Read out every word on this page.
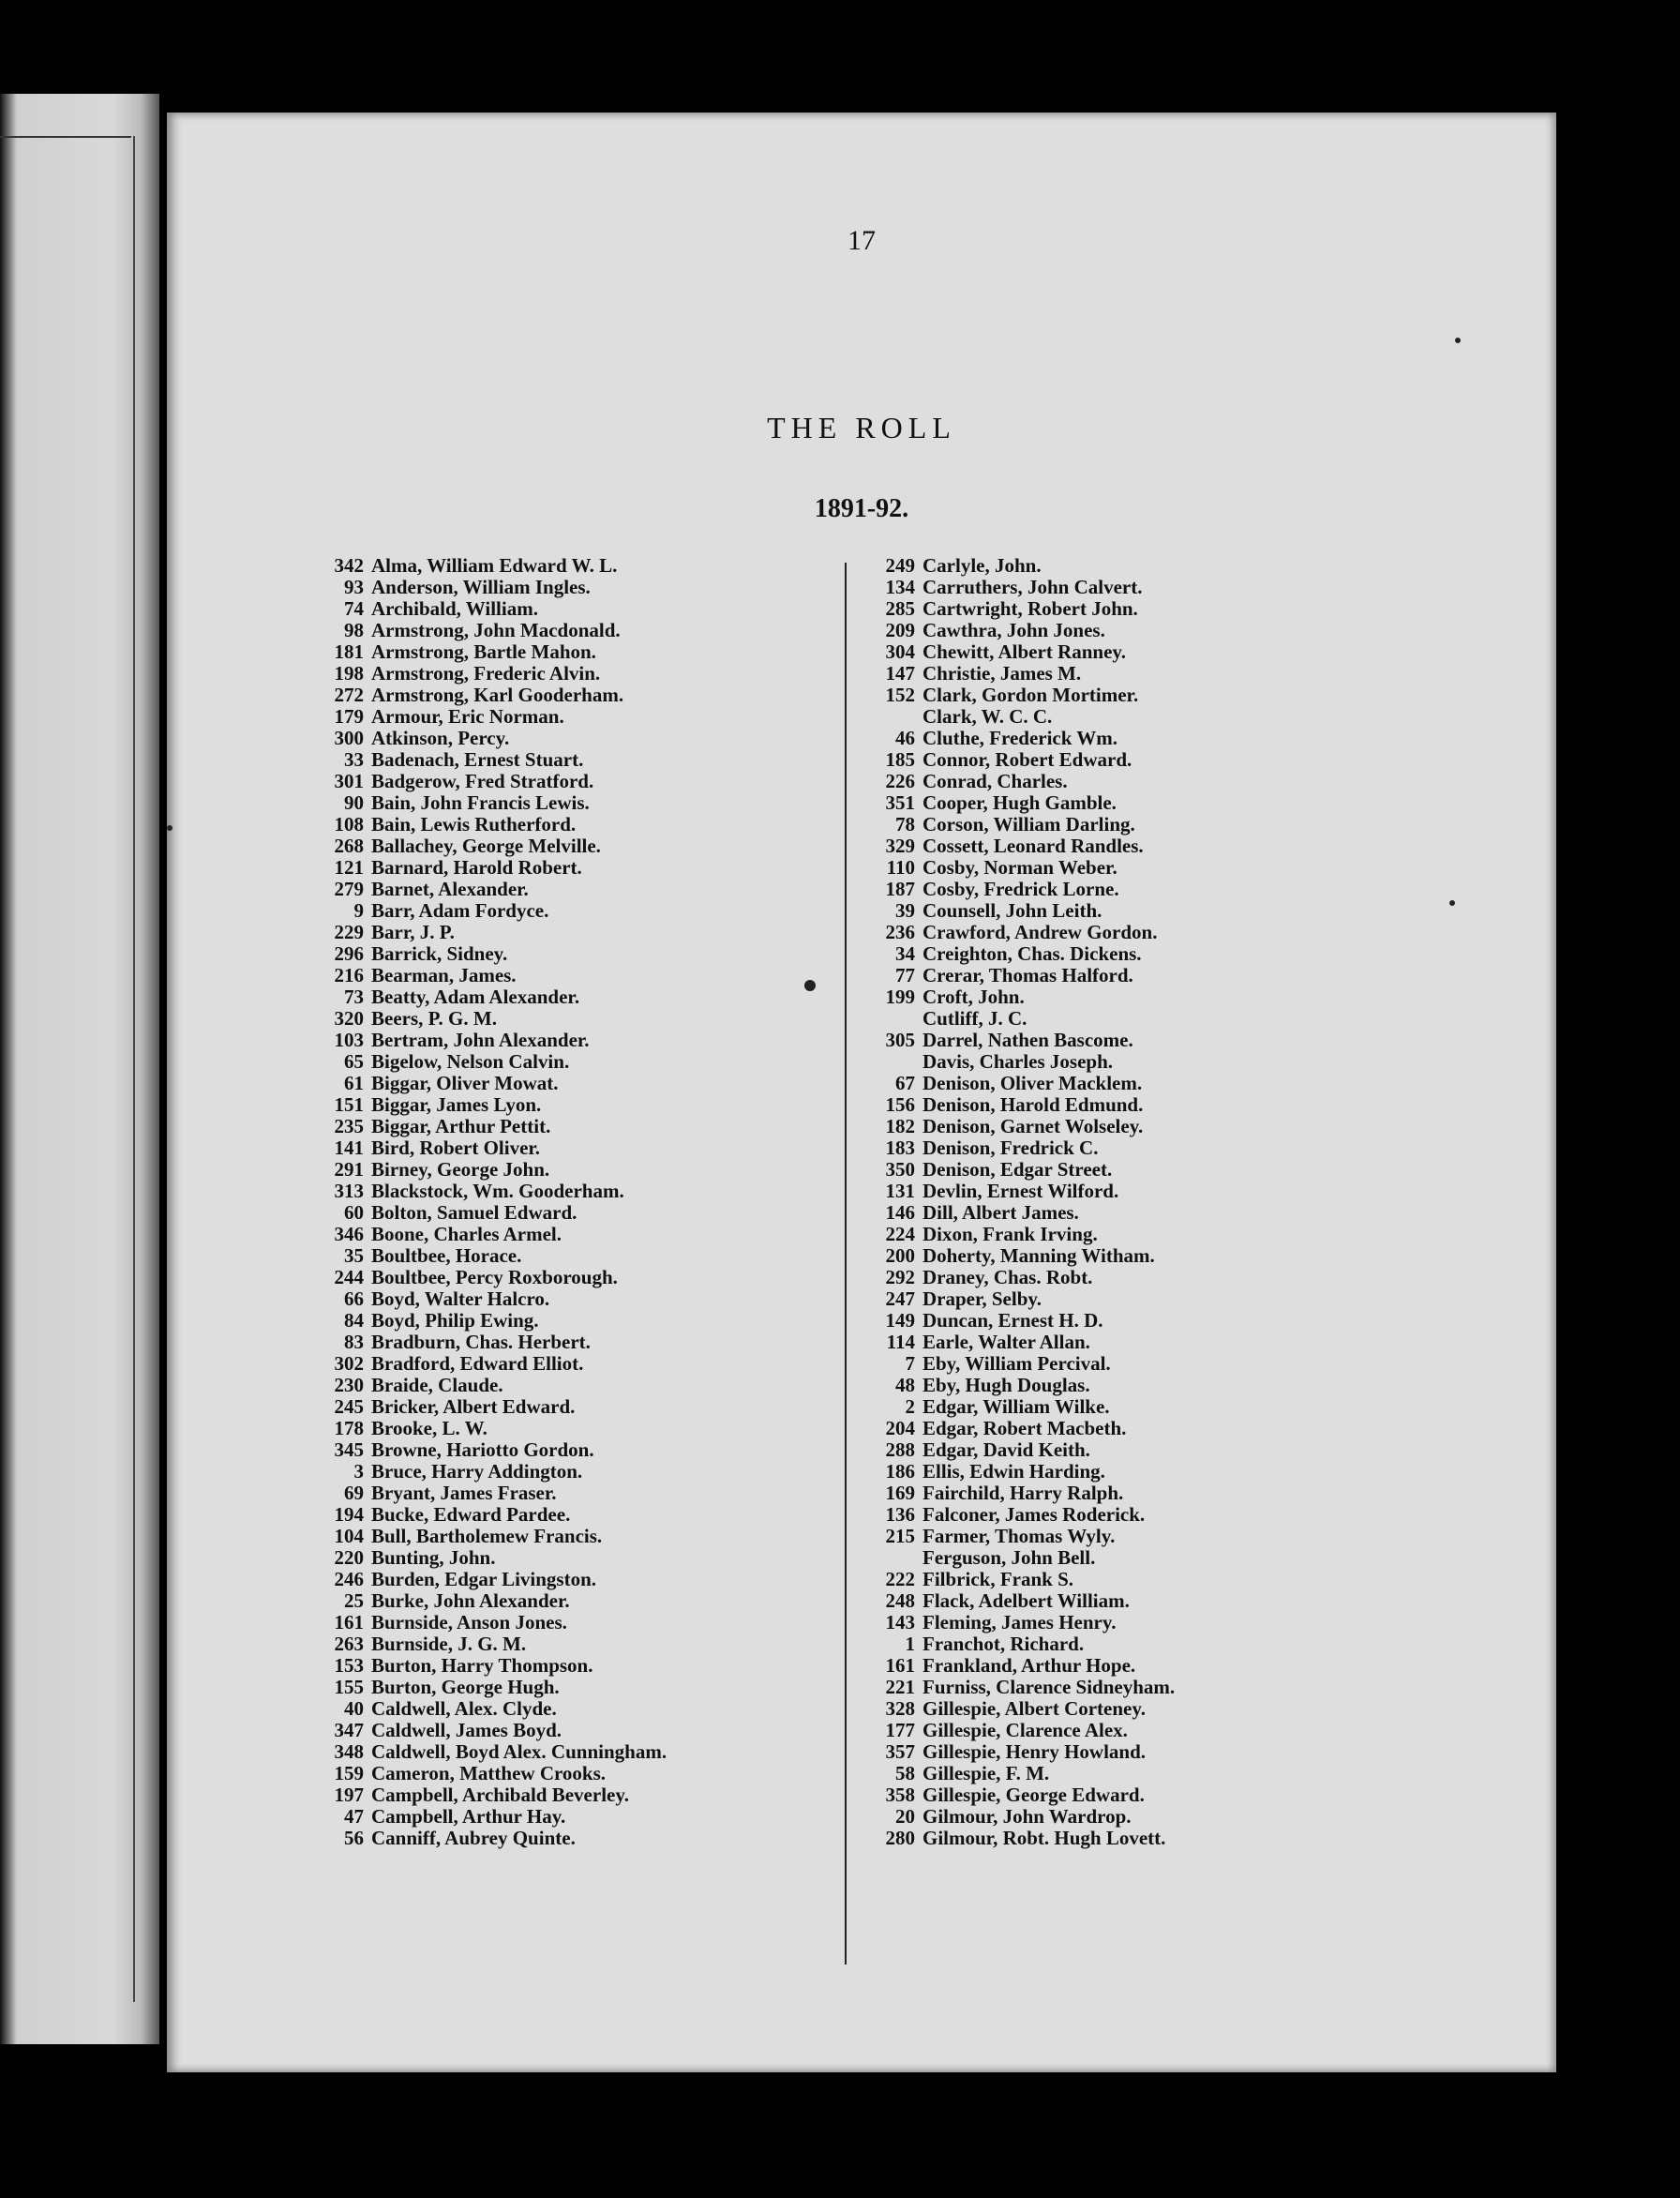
17
THE ROLL
1891-92.
342 Alma, William Edward W. L.
93 Anderson, William Ingles.
74 Archibald, William.
98 Armstrong, John Macdonald.
181 Armstrong, Bartle Mahon.
198 Armstrong, Frederic Alvin.
272 Armstrong, Karl Gooderham.
179 Armour, Eric Norman.
300 Atkinson, Percy.
33 Badenach, Ernest Stuart.
301 Badgerow, Fred Stratford.
90 Bain, John Francis Lewis.
108 Bain, Lewis Rutherford.
268 Ballachey, George Melville.
121 Barnard, Harold Robert.
279 Barnet, Alexander.
9 Barr, Adam Fordyce.
229 Barr, J. P.
296 Barrick, Sidney.
216 Bearman, James.
73 Beatty, Adam Alexander.
320 Beers, P. G. M.
103 Bertram, John Alexander.
65 Bigelow, Nelson Calvin.
61 Biggar, Oliver Mowat.
151 Biggar, James Lyon.
235 Biggar, Arthur Pettit.
141 Bird, Robert Oliver.
291 Birney, George John.
313 Blackstock, Wm. Gooderham.
60 Bolton, Samuel Edward.
346 Boone, Charles Armel.
35 Boultbee, Horace.
244 Boultbee, Percy Roxborough.
66 Boyd, Walter Halcro.
84 Boyd, Philip Ewing.
83 Bradburn, Chas. Herbert.
302 Bradford, Edward Elliot.
230 Braide, Claude.
245 Bricker, Albert Edward.
178 Brooke, L. W.
345 Browne, Hariotto Gordon.
3 Bruce, Harry Addington.
69 Bryant, James Fraser.
194 Bucke, Edward Pardee.
104 Bull, Bartholemew Francis.
220 Bunting, John.
246 Burden, Edgar Livingston.
25 Burke, John Alexander.
161 Burnside, Anson Jones.
263 Burnside, J. G. M.
153 Burton, Harry Thompson.
155 Burton, George Hugh.
40 Caldwell, Alex. Clyde.
347 Caldwell, James Boyd.
348 Caldwell, Boyd Alex. Cunningham.
159 Cameron, Matthew Crooks.
197 Campbell, Archibald Beverley.
47 Campbell, Arthur Hay.
56 Canniff, Aubrey Quinte.
249 Carlyle, John.
134 Carruthers, John Calvert.
285 Cartwright, Robert John.
209 Cawthra, John Jones.
304 Chewitt, Albert Ranney.
147 Christie, James M.
152 Clark, Gordon Mortimer.
Clark, W. C. C.
46 Cluthe, Frederick Wm.
185 Connor, Robert Edward.
226 Conrad, Charles.
351 Cooper, Hugh Gamble.
78 Corson, William Darling.
329 Cossett, Leonard Randles.
110 Cosby, Norman Weber.
187 Cosby, Fredrick Lorne.
39 Counsell, John Leith.
236 Crawford, Andrew Gordon.
34 Creighton, Chas. Dickens.
77 Crerar, Thomas Halford.
199 Croft, John.
Cutliff, J. C.
305 Darrel, Nathen Bascome.
Davis, Charles Joseph.
67 Denison, Oliver Macklem.
156 Denison, Harold Edmund.
182 Denison, Garnet Wolseley.
183 Denison, Fredrick C.
350 Denison, Edgar Street.
131 Devlin, Ernest Wilford.
146 Dill, Albert James.
224 Dixon, Frank Irving.
200 Doherty, Manning Witham.
292 Draney, Chas. Robt.
247 Draper, Selby.
149 Duncan, Ernest H. D.
114 Earle, Walter Allan.
7 Eby, William Percival.
48 Eby, Hugh Douglas.
2 Edgar, William Wilke.
204 Edgar, Robert Macbeth.
288 Edgar, David Keith.
186 Ellis, Edwin Harding.
169 Fairchild, Harry Ralph.
136 Falconer, James Roderick.
215 Farmer, Thomas Wyly.
Ferguson, John Bell.
222 Filbrick, Frank S.
248 Flack, Adelbert William.
143 Fleming, James Henry.
1 Franchot, Richard.
161 Frankland, Arthur Hope.
221 Furniss, Clarence Sidneyham.
328 Gillespie, Albert Corteney.
177 Gillespie, Clarence Alex.
357 Gillespie, Henry Howland.
58 Gillespie, F. M.
358 Gillespie, George Edward.
20 Gilmour, John Wardrop.
280 Gilmour, Robt. Hugh Lovett.
